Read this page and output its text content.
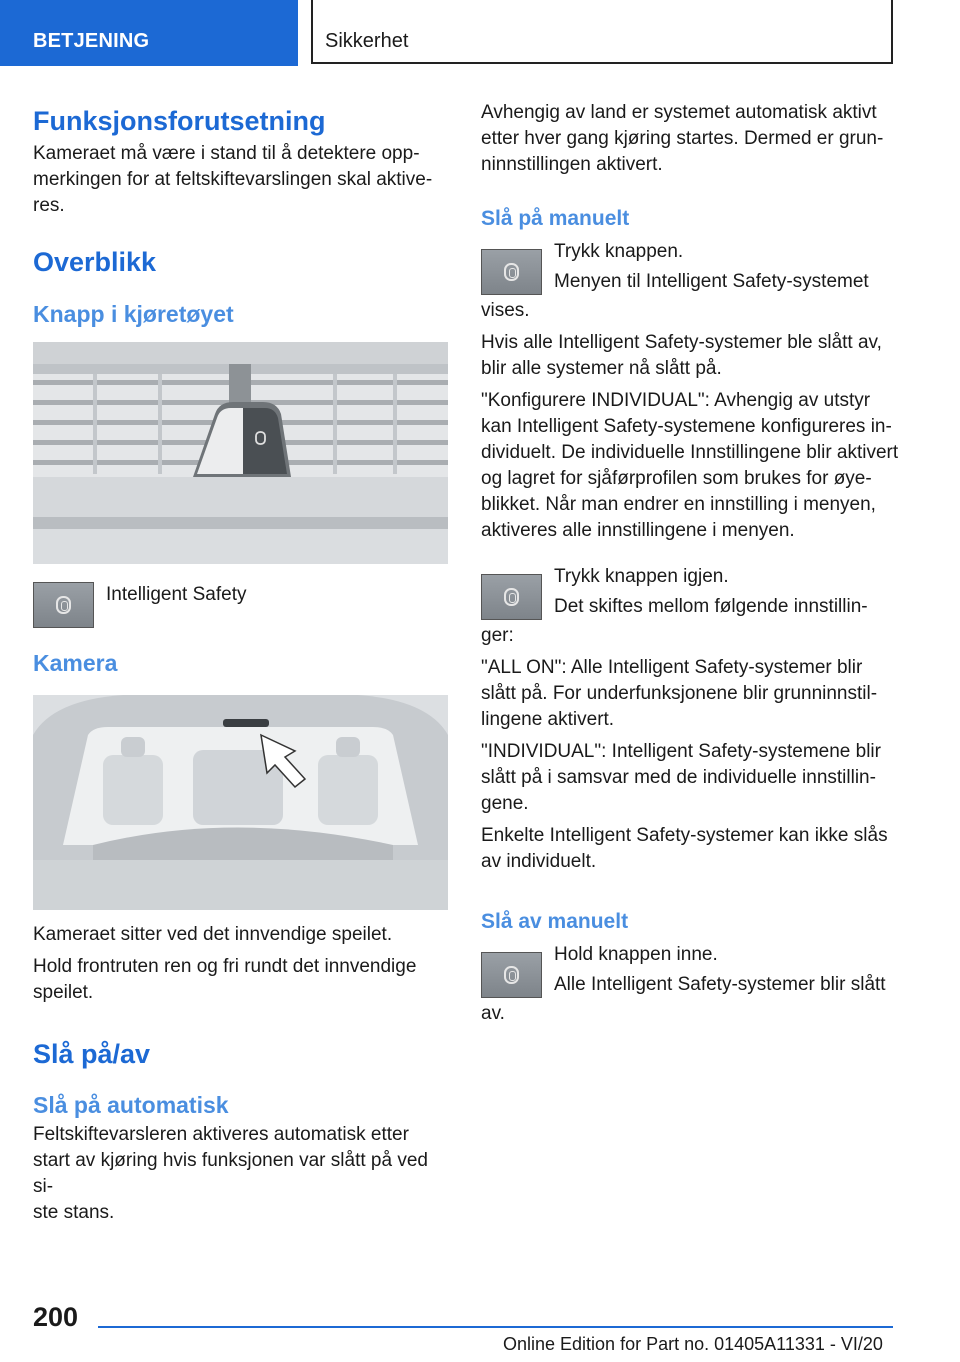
BETJENING	Sikkerhet
Funksjonsforutsetning

Kameraet må være i stand til å detektere opp-
merkingen for at feltskiftevarslingen skal aktive-
res.

Overblikk
Knapp i kjøretøyet

Intelligent Safety

Kamera

Kameraet sitter ved det innvendige speilet.

Hold frontruten ren og fri rundt det innvendige
speilet.

Slå på/av
Slå på automatisk

Feltskiftevarsleren aktiveres automatisk etter
start av kjøring hvis funksjonen var slått på ved si-
ste stans.

Avhengig av land er systemet automatisk aktivt
etter hver gang kjøring startes. Dermed er grun-
ninnstillingen aktivert.

Slå på manuelt

Trykk knappen.

Menyen til Intelligent Safety-systemet

vises.

Hvis alle Intelligent Safety-systemer ble slått av,
blir alle systemer nå slått på.

"Konfigurere INDIVIDUAL": Avhengig av utstyr
kan Intelligent Safety-systemene konfigureres in-
dividuelt. De individuelle Innstillingene blir aktivert
og lagret for sjåførprofilen som brukes for øye-
blikket. Når man endrer en innstilling i menyen,
aktiveres alle innstillingene i menyen.

Trykk knappen igjen.

Det skiftes mellom følgende innstillin-

ger:

"ALL ON": Alle Intelligent Safety-systemer blir
slått på. For underfunksjonene blir grunninnstil-
lingene aktivert.

"INDIVIDUAL": Intelligent Safety-systemene blir
slått på i samsvar med de individuelle innstillin-
gene.

Enkelte Intelligent Safety-systemer kan ikke slås
av individuelt.

Slå av manuelt

Hold knappen inne.

Alle Intelligent Safety-systemer blir slått

av.

200
Online Edition for Part no. 01405A11331 - VI/20
